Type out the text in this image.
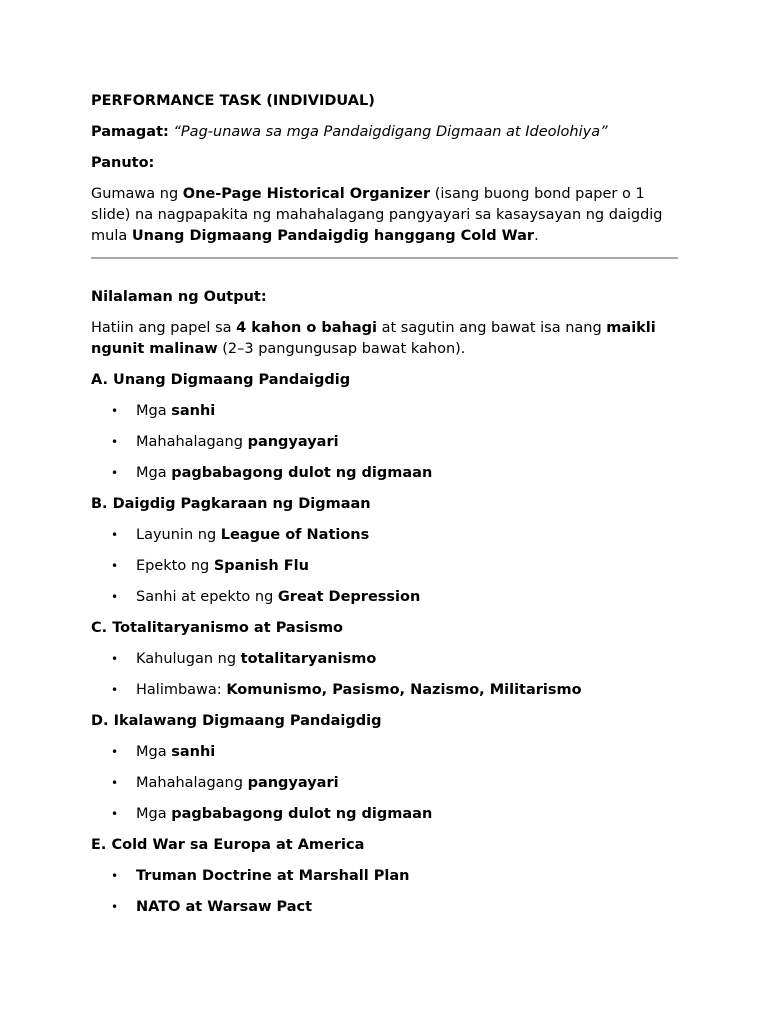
PERFORMANCE TASK (INDIVIDUAL)

Pamagat: “Pag-unawa sa mga Pandaigdigang Digmaan at Ideolohiya”

Panuto:

Gumawa ng One-Page Historical Organizer (isang buong bond paper o 1 slide) na nagpapakita ng mahahalagang pangyayari sa kasaysayan ng daigdig mula Unang Digmaang Pandaigdig hanggang Cold War.

Nilalaman ng Output:

Hatiin ang papel sa 4 kahon o bahagi at sagutin ang bawat isa nang maikli ngunit malinaw (2–3 pangungusap bawat kahon).

A. Unang Digmaang Pandaigdig

• Mga sanhi
• Mahahalagang pangyayari
• Mga pagbabagong dulot ng digmaan

B. Daigdig Pagkaraan ng Digmaan

• Layunin ng League of Nations
• Epekto ng Spanish Flu
• Sanhi at epekto ng Great Depression

C. Totalitaryanismo at Pasismo

• Kahulugan ng totalitaryanismo
• Halimbawa: Komunismo, Pasismo, Nazismo, Militarismo

D. Ikalawang Digmaang Pandaigdig

• Mga sanhi
• Mahahalagang pangyayari
• Mga pagbabagong dulot ng digmaan

E. Cold War sa Europa at America

• Truman Doctrine at Marshall Plan
• NATO at Warsaw Pact
